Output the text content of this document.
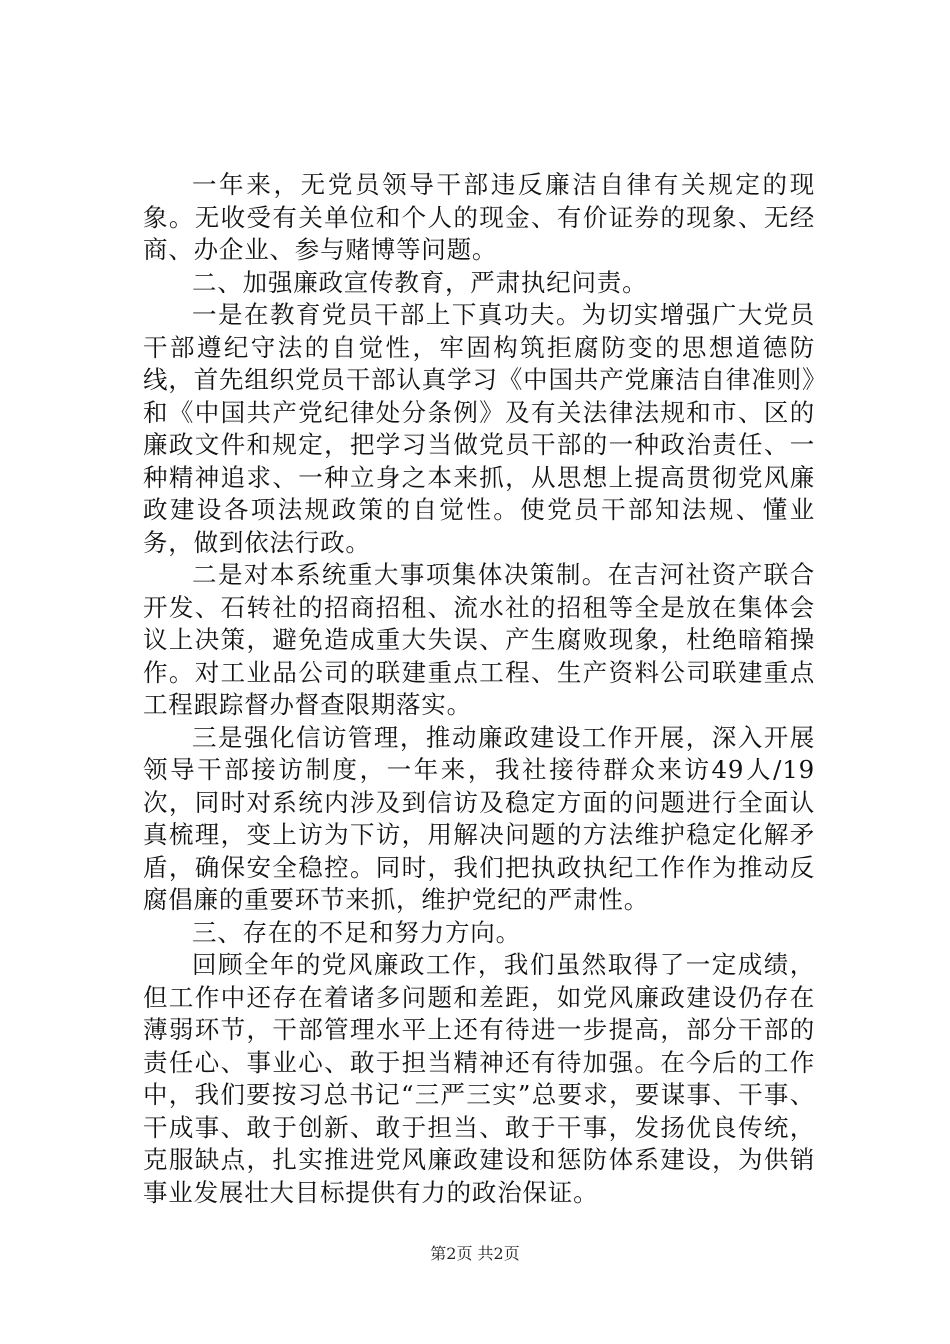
一年来，无党员领导干部违反廉洁自律有关规定的现象。无收受有关单位和个人的现金、有价证券的现象、无经商、办企业、参与赌博等问题。

二、加强廉政宣传教育，严肃执纪问责。

一是在教育党员干部上下真功夫。为切实增强广大党员干部遵纪守法的自觉性，牢固构筑拒腐防变的思想道德防线，首先组织党员干部认真学习《中国共产党廉洁自律准则》和《中国共产党纪律处分条例》及有关法律法规和市、区的廉政文件和规定，把学习当做党员干部的一种政治责任、一种精神追求、一种立身之本来抓，从思想上提高贯彻党风廉政建设各项法规政策的自觉性。使党员干部知法规、懂业务，做到依法行政。

二是对本系统重大事项集体决策制。在吉河社资产联合开发、石转社的招商招租、流水社的招租等全是放在集体会议上决策，避免造成重大失误、产生腐败现象，杜绝暗箱操作。对工业品公司的联建重点工程、生产资料公司联建重点工程跟踪督办督查限期落实。

三是强化信访管理，推动廉政建设工作开展，深入开展领导干部接访制度，一年来，我社接待群众来访49人/19次，同时对系统内涉及到信访及稳定方面的问题进行全面认真梳理，变上访为下访，用解决问题的方法维护稳定化解矛盾，确保安全稳控。同时，我们把执政执纪工作作为推动反腐倡廉的重要环节来抓，维护党纪的严肃性。

三、存在的不足和努力方向。

回顾全年的党风廉政工作，我们虽然取得了一定成绩，但工作中还存在着诸多问题和差距，如党风廉政建设仍存在薄弱环节，干部管理水平上还有待进一步提高，部分干部的责任心、事业心、敢于担当精神还有待加强。在今后的工作中，我们要按习总书记“三严三实”总要求，要谋事、干事、干成事、敢于创新、敢于担当、敢于干事，发扬优良传统，克服缺点，扎实推进党风廉政建设和惩防体系建设，为供销事业发展壮大目标提供有力的政治保证。

第2页 共2页
